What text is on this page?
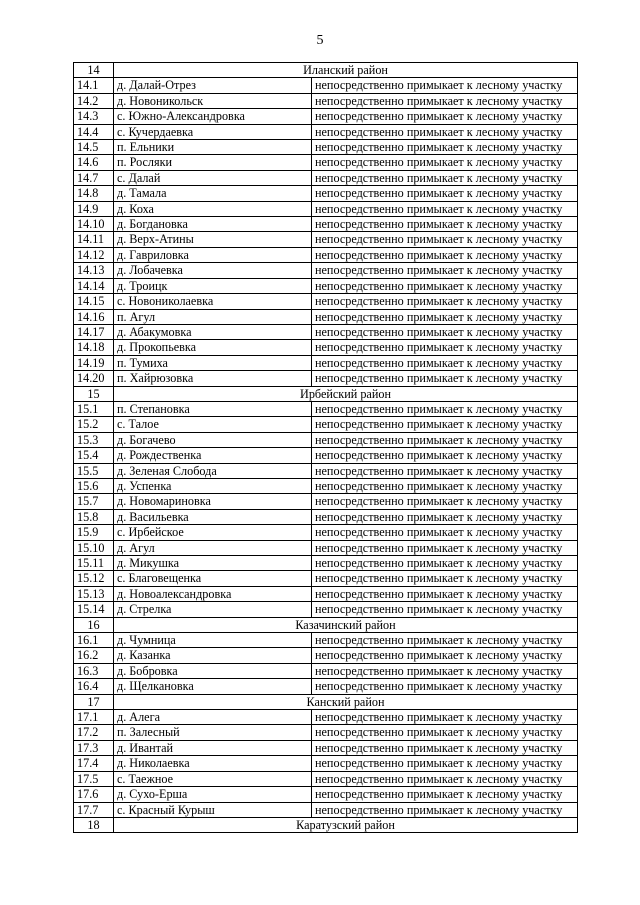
5
14	Иланский район	
14.1	д. Далай-Отрез	непосредственно примыкает к лесному участку
14.2	д. Новоникольск	непосредственно примыкает к лесному участку
14.3	с. Южно-Александровка	непосредственно примыкает к лесному участку
14.4	с. Кучердаевка	непосредственно примыкает к лесному участку
14.5	п. Ельники	непосредственно примыкает к лесному участку
14.6	п. Росляки	непосредственно примыкает к лесному участку
14.7	с. Далай	непосредственно примыкает к лесному участку
14.8	д. Тамала	непосредственно примыкает к лесному участку
14.9	д. Коха	непосредственно примыкает к лесному участку
14.10	д. Богдановка	непосредственно примыкает к лесному участку
14.11	д. Верх-Атины	непосредственно примыкает к лесному участку
14.12	д. Гавриловка	непосредственно примыкает к лесному участку
14.13	д. Лобачевка	непосредственно примыкает к лесному участку
14.14	д. Троицк	непосредственно примыкает к лесному участку
14.15	с. Новониколаевка	непосредственно примыкает к лесному участку
14.16	п. Агул	непосредственно примыкает к лесному участку
14.17	д. Абакумовка	непосредственно примыкает к лесному участку
14.18	д. Прокопьевка	непосредственно примыкает к лесному участку
14.19	п. Тумиха	непосредственно примыкает к лесному участку
14.20	п. Хайрюзовка	непосредственно примыкает к лесному участку
15	Ирбейский район	
15.1	п. Степановка	непосредственно примыкает к лесному участку
15.2	с. Талое	непосредственно примыкает к лесному участку
15.3	д. Богачево	непосредственно примыкает к лесному участку
15.4	д. Рождественка	непосредственно примыкает к лесному участку
15.5	д. Зеленая Слобода	непосредственно примыкает к лесному участку
15.6	д. Успенка	непосредственно примыкает к лесному участку
15.7	д. Новомариновка	непосредственно примыкает к лесному участку
15.8	д. Васильевка	непосредственно примыкает к лесному участку
15.9	с. Ирбейское	непосредственно примыкает к лесному участку
15.10	д. Агул	непосредственно примыкает к лесному участку
15.11	д. Микушка	непосредственно примыкает к лесному участку
15.12	с. Благовещенка	непосредственно примыкает к лесному участку
15.13	д. Новоалександровка	непосредственно примыкает к лесному участку
15.14	д. Стрелка	непосредственно примыкает к лесному участку
16	Казачинский район	
16.1	д. Чумница	непосредственно примыкает к лесному участку
16.2	д. Казанка	непосредственно примыкает к лесному участку
16.3	д. Бобровка	непосредственно примыкает к лесному участку
16.4	д. Щелкановка	непосредственно примыкает к лесному участку
17	Канский район	
17.1	д. Алега	непосредственно примыкает к лесному участку
17.2	п. Залесный	непосредственно примыкает к лесному участку
17.3	д. Ивантай	непосредственно примыкает к лесному участку
17.4	д. Николаевка	непосредственно примыкает к лесному участку
17.5	с. Таежное	непосредственно примыкает к лесному участку
17.6	д. Сухо-Ерша	непосредственно примыкает к лесному участку
17.7	с. Красный Курыш	непосредственно примыкает к лесному участку
18	Каратузский район	
